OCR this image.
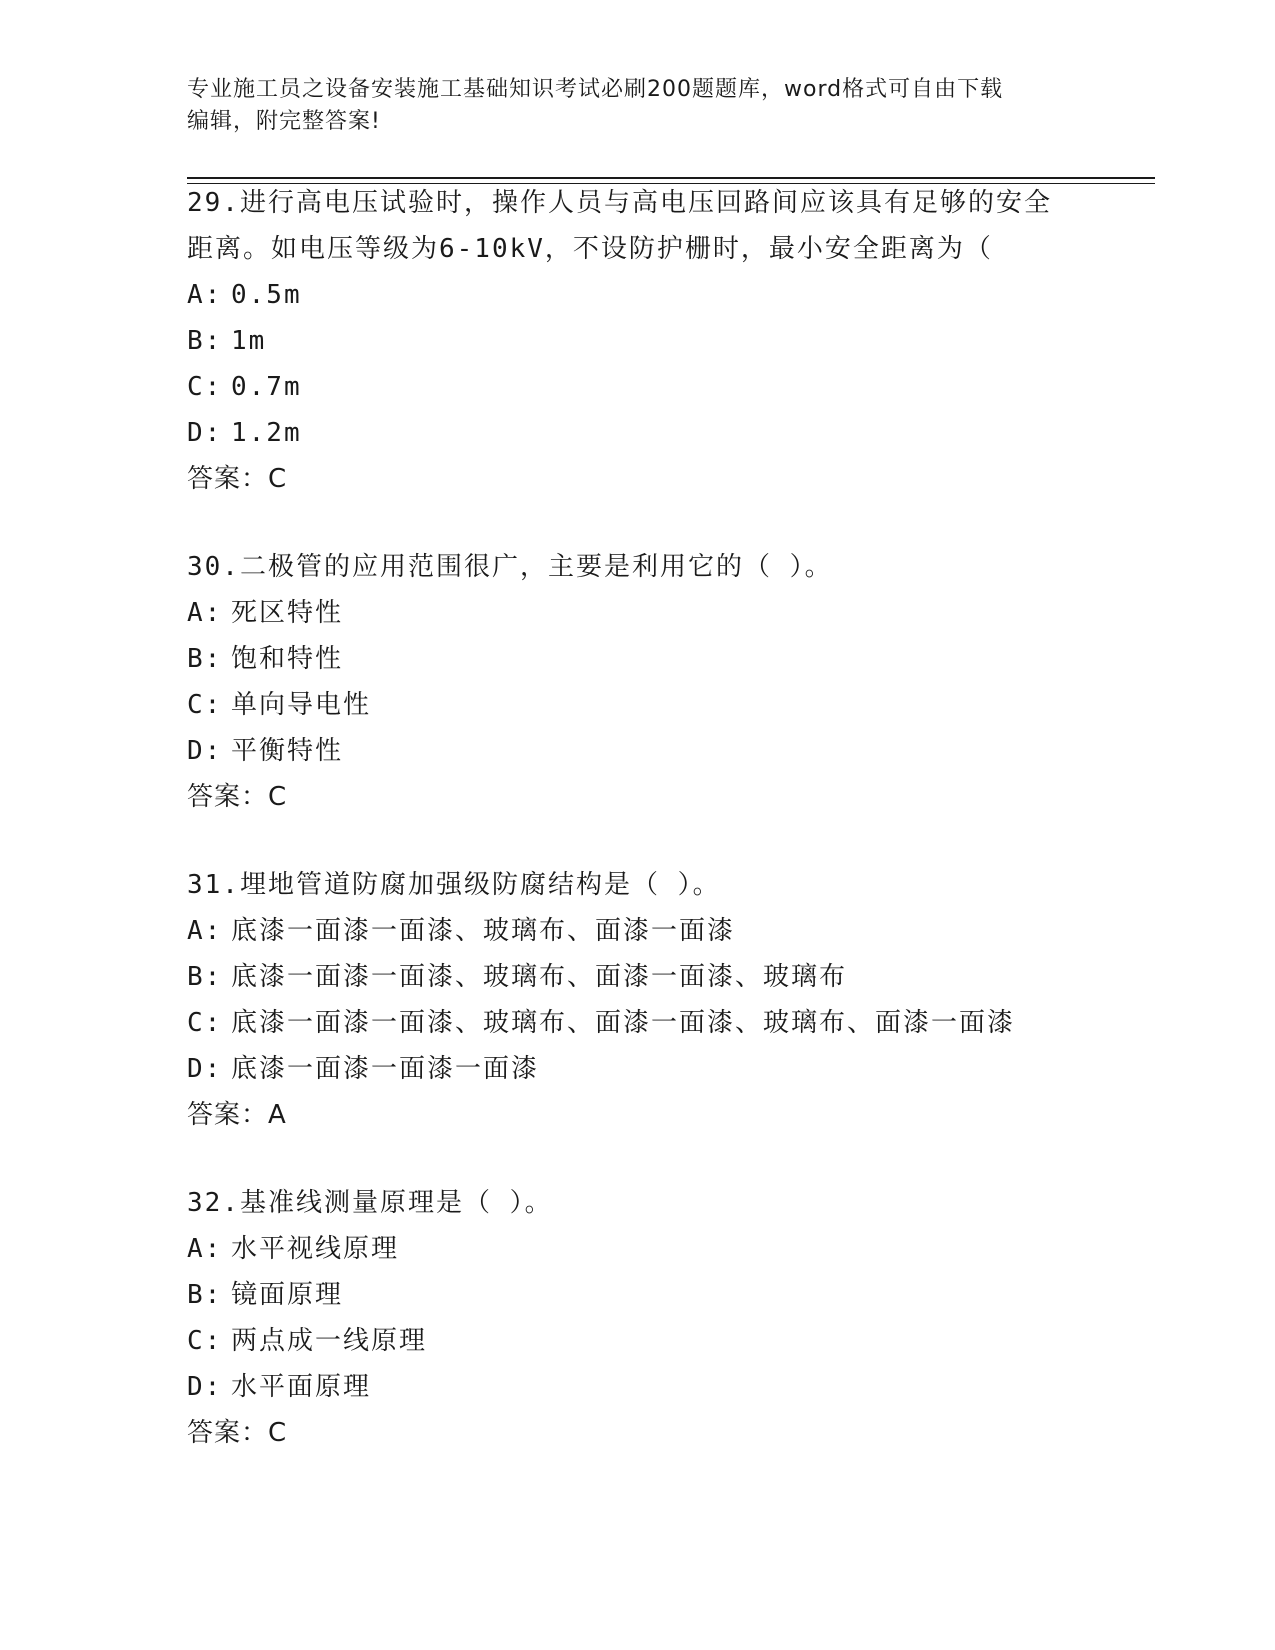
专业施工员之设备安装施工基础知识考试必刷200题题库，word格式可自由下载
编辑，附完整答案!

29.进行高电压试验时，操作人员与高电压回路间应该具有足够的安全

距离。如电压等级为6-10kV，不设防护栅时，最小安全距离为（

A: 0.5m

B: 1m

C: 0.7m

D: 1.2m

答案：C

30.二极管的应用范围很广，主要是利用它的（ ）。

A: 死区特性

B: 饱和特性

C: 单向导电性

D: 平衡特性

答案：C

31.埋地管道防腐加强级防腐结构是（ ）。

A: 底漆一面漆一面漆、玻璃布、面漆一面漆

B: 底漆一面漆一面漆、玻璃布、面漆一面漆、玻璃布

C: 底漆一面漆一面漆、玻璃布、面漆一面漆、玻璃布、面漆一面漆

D: 底漆一面漆一面漆一面漆

答案：A

32.基准线测量原理是（ ）。

A: 水平视线原理

B: 镜面原理

C: 两点成一线原理

D: 水平面原理

答案：C
